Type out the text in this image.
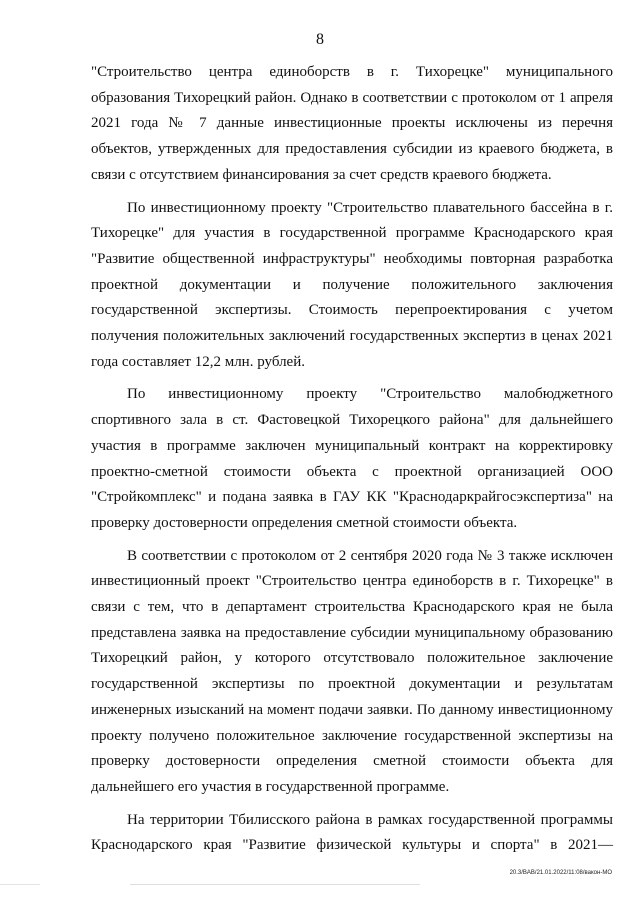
8

"Строительство центра единоборств в г. Тихорецке" муниципального образования Тихорецкий район. Однако в соответствии с протоколом от 1 апреля 2021 года № 7 данные инвестиционные проекты исключены из перечня объектов, утвержденных для предоставления субсидии из краевого бюджета, в связи с отсутствием финансирования за счет средств краевого бюджета.

По инвестиционному проекту "Строительство плавательного бассейна в г. Тихорецке" для участия в государственной программе Краснодарского края "Развитие общественной инфраструктуры" необходимы повторная разработка проектной документации и получение положительного заключения государственной экспертизы. Стоимость перепроектирования с учетом получения положительных заключений государственных экспертиз в ценах 2021 года составляет 12,2 млн. рублей.

По инвестиционному проекту "Строительство малобюджетного спортивного зала в ст. Фастовецкой Тихорецкого района" для дальнейшего участия в программе заключен муниципальный контракт на корректировку проектно-сметной стоимости объекта с проектной организацией ООО "Стройкомплекс" и подана заявка в ГАУ КК "Краснодаркрайгосэкспертиза" на проверку достоверности определения сметной стоимости объекта.

В соответствии с протоколом от 2 сентября 2020 года № 3 также исключен инвестиционный проект "Строительство центра единоборств в г. Тихорецке" в связи с тем, что в департамент строительства Краснодарского края не была представлена заявка на предоставление субсидии муниципальному образованию Тихорецкий район, у которого отсутствовало положительное заключение государственной экспертизы по проектной документации и результатам инженерных изысканий на момент подачи заявки. По данному инвестиционному проекту получено положительное заключение государственной экспертизы на проверку достоверности определения сметной стоимости объекта для дальнейшего его участия в государственной программе.

На территории Тбилисского района в рамках государственной программы Краснодарского края "Развитие физической культуры и спорта" в 2021—

20.3/BAB/21.01.2022/11:08/вакон-МО
